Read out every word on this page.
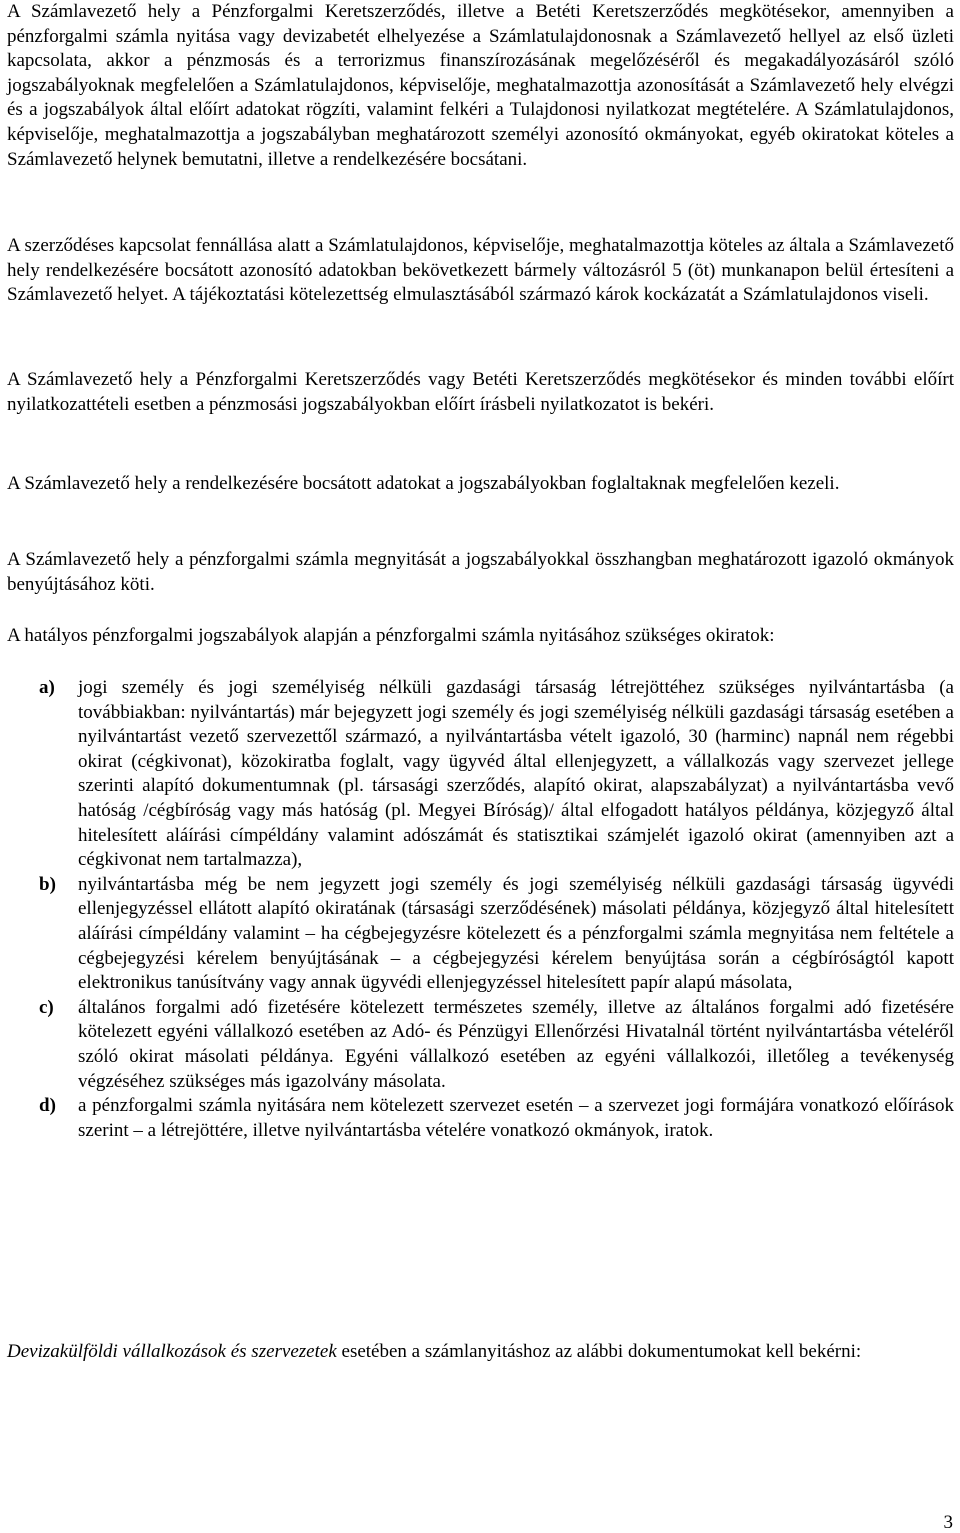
A Számlavezető hely a Pénzforgalmi Keretszerződés, illetve a Betéti Keretszerződés megkötésekor, amennyiben a pénzforgalmi számla nyitása vagy devizabetét elhelyezése a Számlatulajdonosnak a Számlavezető hellyel az első üzleti kapcsolata, akkor a pénzmosás és a terrorizmus finanszírozásának megelőzéséről és megakadályozásáról szóló jogszabályoknak megfelelően a Számlatulajdonos, képviselője, meghatalmazottja azonosítását a Számlavezető hely elvégzi és a jogszabályok által előírt adatokat rögzíti, valamint felkéri a Tulajdonosi nyilatkozat megtételére. A Számlatulajdonos, képviselője, meghatalmazottja a jogszabályban meghatározott személyi azonosító okmányokat, egyéb okiratokat köteles a Számlavezető helynek bemutatni, illetve a rendelkezésére bocsátani.

A szerződéses kapcsolat fennállása alatt a Számlatulajdonos, képviselője, meghatalmazottja köteles az általa a Számlavezető hely rendelkezésére bocsátott azonosító adatokban bekövetkezett bármely változásról 5 (öt) munkanapon belül értesíteni a Számlavezető helyet. A tájékoztatási kötelezettség elmulasztásából származó károk kockázatát a Számlatulajdonos viseli.

A Számlavezető hely a Pénzforgalmi Keretszerződés vagy Betéti Keretszerződés megkötésekor és minden további előírt nyilatkozattételi esetben a pénzmosási jogszabályokban előírt írásbeli nyilatkozatot is bekéri.

A Számlavezető hely a rendelkezésére bocsátott adatokat a jogszabályokban foglaltaknak megfelelően kezeli.

A Számlavezető hely a pénzforgalmi számla megnyitását a jogszabályokkal összhangban meghatározott igazoló okmányok benyújtásához köti.

A hatályos pénzforgalmi jogszabályok alapján a pénzforgalmi számla nyitásához szükséges okiratok:

a) jogi személy és jogi személyiség nélküli gazdasági társaság létrejöttéhez szükséges nyilvántartásba (a továbbiakban: nyilvántartás) már bejegyzett jogi személy és jogi személyiség nélküli gazdasági társaság esetében a nyilvántartást vezető szervezettől származó, a nyilvántartásba vételt igazoló, 30 (harminc) napnál nem régebbi okirat (cégkivonat), közokiratba foglalt, vagy ügyvéd által ellenjegyzett, a vállalkozás vagy szervezet jellege szerinti alapító dokumentumnak (pl. társasági szerződés, alapító okirat, alapszabályzat) a nyilvántartásba vevő hatóság /cégbíróság vagy más hatóság (pl. Megyei Bíróság)/ által elfogadott hatályos példánya, közjegyző által hitelesített aláírási címpéldány valamint adószámát és statisztikai számjelét igazoló okirat (amennyiben azt a cégkivonat nem tartalmazza),

b) nyilvántartásba még be nem jegyzett jogi személy és jogi személyiség nélküli gazdasági társaság ügyvédi ellenjegyzéssel ellátott alapító okiratának (társasági szerződésének) másolati példánya, közjegyző által hitelesített aláírási címpéldány valamint – ha cégbejegyzésre kötelezett és a pénzforgalmi számla megnyitása nem feltétele a cégbejegyzési kérelem benyújtásának – a cégbejegyzési kérelem benyújtása során a cégbíróságtól kapott elektronikus tanúsítvány vagy annak ügyvédi ellenjegyzéssel hitelesített papír alapú másolata,

c) általános forgalmi adó fizetésére kötelezett természetes személy, illetve az általános forgalmi adó fizetésére kötelezett egyéni vállalkozó esetében az Adó- és Pénzügyi Ellenőrzési Hivatalnál történt nyilvántartásba vételéről szóló okirat másolati példánya. Egyéni vállalkozó esetében az egyéni vállalkozói, illetőleg a tevékenység végzéséhez szükséges más igazolvány másolata.

d) a pénzforgalmi számla nyitására nem kötelezett szervezet esetén – a szervezet jogi formájára vonatkozó előírások szerint – a létrejöttére, illetve nyilvántartásba vételére vonatkozó okmányok, iratok.

Devizakülföldi vállalkozások és szervezetek esetében a számlanyitáshoz az alábbi dokumentumokat kell bekérni:

3
